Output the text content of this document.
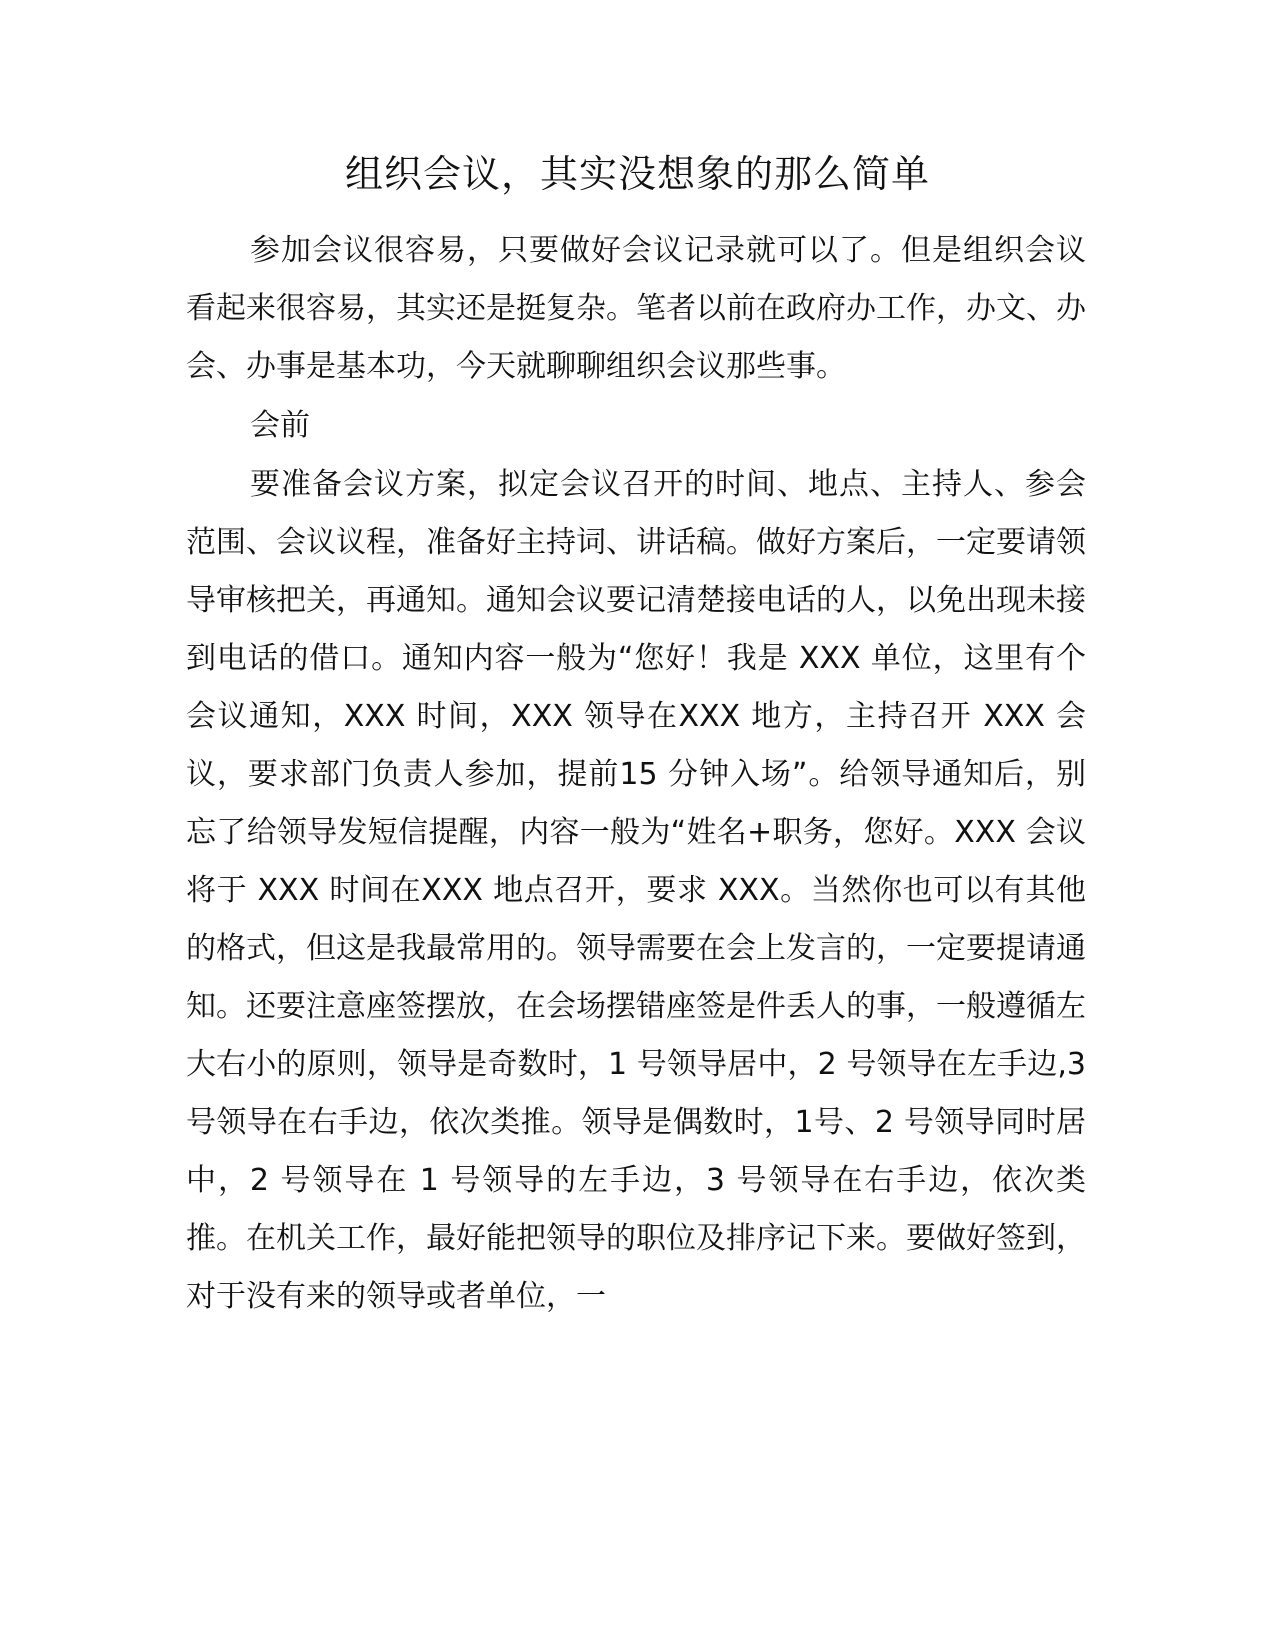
组织会议，其实没想象的那么简单

参加会议很容易，只要做好会议记录就可以了。但是组织会议看起来很容易，其实还是挺复杂。笔者以前在政府办工作，办文、办会、办事是基本功，今天就聊聊组织会议那些事。

会前

要准备会议方案，拟定会议召开的时间、地点、主持人、参会范围、会议议程，准备好主持词、讲话稿。做好方案后，一定要请领导审核把关，再通知。通知会议要记清楚接电话的人，以免出现未接到电话的借口。通知内容一般为“您好！我是 XXX 单位，这里有个会议通知，XXX 时间，XXX 领导在XXX 地方，主持召开 XXX 会议，要求部门负责人参加，提前15 分钟入场”。给领导通知后，别忘了给领导发短信提醒，内容一般为“姓名+职务，您好。XXX 会议将于 XXX 时间在XXX 地点召开，要求 XXX。当然你也可以有其他的格式，但这是我最常用的。领导需要在会上发言的，一定要提请通知。还要注意座签摆放，在会场摆错座签是件丢人的事，一般遵循左大右小的原则，领导是奇数时，1 号领导居中，2 号领导在左手边,3 号领导在右手边，依次类推。领导是偶数时，1号、2 号领导同时居中，2 号领导在 1 号领导的左手边，3 号领导在右手边，依次类推。在机关工作，最好能把领导的职位及排序记下来。要做好签到，对于没有来的领导或者单位，一
